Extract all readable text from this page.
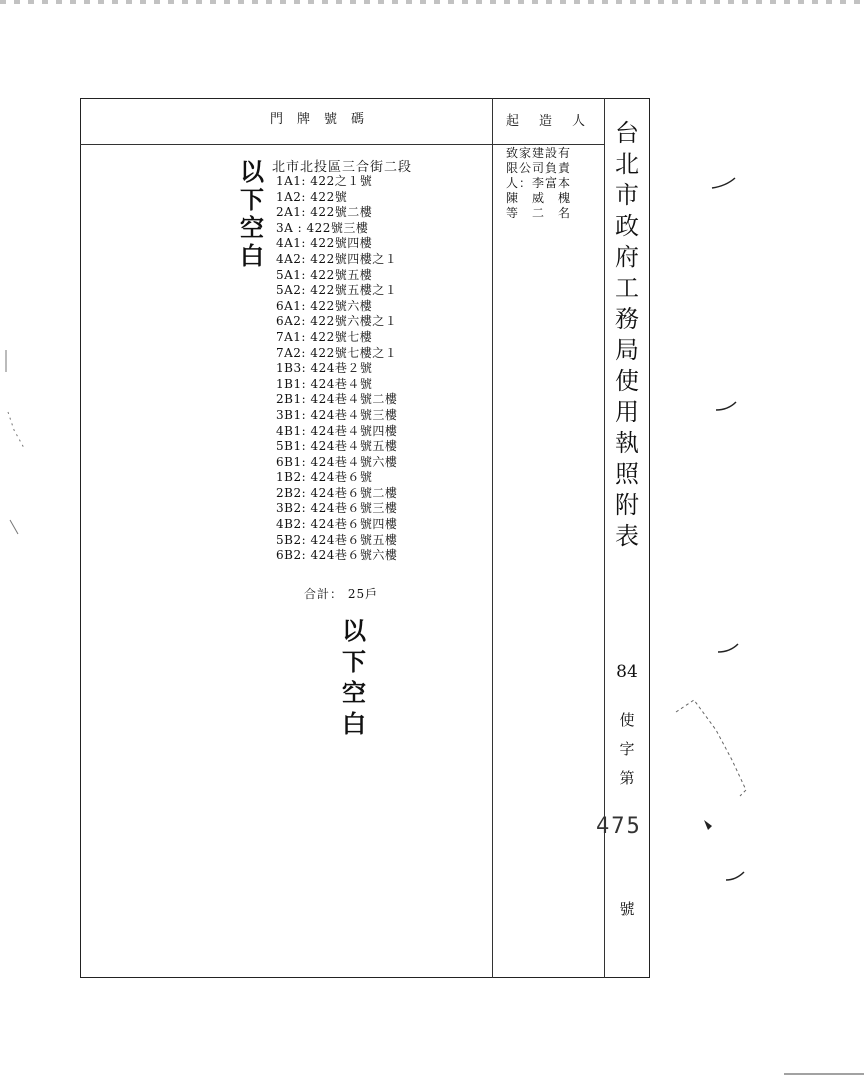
門牌號碼	起造人
致家建設有
限公司負責
人：李富本
陳　威　槐
等　二　名
以
下
空
白
北市北投區三合街二段
1A1: 422之１號
1A2: 422號
2A1: 422號二樓
3A : 422號三樓
4A1: 422號四樓
4A2: 422號四樓之１
5A1: 422號五樓
5A2: 422號五樓之１
6A1: 422號六樓
6A2: 422號六樓之１
7A1: 422號七樓
7A2: 422號七樓之１
1B3: 424巷２號
1B1: 424巷４號
2B1: 424巷４號二樓
3B1: 424巷４號三樓
4B1: 424巷４號四樓
5B1: 424巷４號五樓
6B1: 424巷４號六樓
1B2: 424巷６號
2B2: 424巷６號二樓
3B2: 424巷６號三樓
4B2: 424巷６號四樓
5B2: 424巷６號五樓
6B2: 424巷６號六樓
合計： 25戶
以
下
空
白
台
北
市
政
府
工
務
局
使
用
執
照
附
表
84
使
字
第
475
號
